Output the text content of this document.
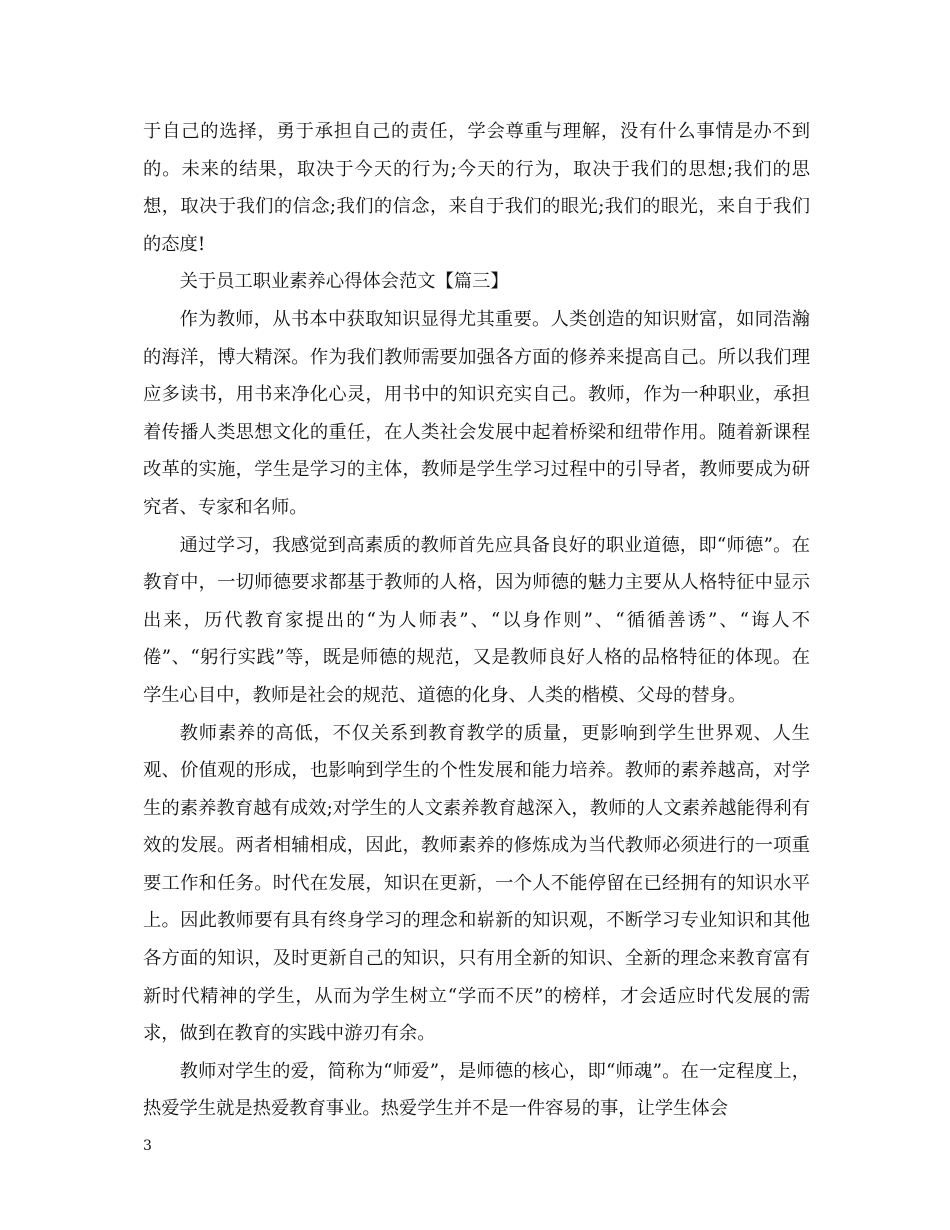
于自己的选择，勇于承担自己的责任，学会尊重与理解，没有什么事情是办不到的。未来的结果，取决于今天的行为;今天的行为，取决于我们的思想;我们的思想，取决于我们的信念;我们的信念，来自于我们的眼光;我们的眼光，来自于我们的态度!

关于员工职业素养心得体会范文【篇三】

作为教师，从书本中获取知识显得尤其重要。人类创造的知识财富，如同浩瀚的海洋，博大精深。作为我们教师需要加强各方面的修养来提高自己。所以我们理应多读书，用书来净化心灵，用书中的知识充实自己。教师，作为一种职业，承担着传播人类思想文化的重任，在人类社会发展中起着桥梁和纽带作用。随着新课程改革的实施，学生是学习的主体，教师是学生学习过程中的引导者，教师要成为研究者、专家和名师。

通过学习，我感觉到高素质的教师首先应具备良好的职业道德，即“师德”。在教育中，一切师德要求都基于教师的人格，因为师德的魅力主要从人格特征中显示出来，历代教育家提出的“为人师表”、“以身作则”、“循循善诱”、“诲人不倦”、“躬行实践”等，既是师德的规范，又是教师良好人格的品格特征的体现。在学生心目中，教师是社会的规范、道德的化身、人类的楷模、父母的替身。

教师素养的高低，不仅关系到教育教学的质量，更影响到学生世界观、人生观、价值观的形成，也影响到学生的个性发展和能力培养。教师的素养越高，对学生的素养教育越有成效;对学生的人文素养教育越深入，教师的人文素养越能得利有效的发展。两者相辅相成，因此，教师素养的修炼成为当代教师必须进行的一项重要工作和任务。时代在发展，知识在更新，一个人不能停留在已经拥有的知识水平上。因此教师要有具有终身学习的理念和崭新的知识观，不断学习专业知识和其他各方面的知识，及时更新自己的知识，只有用全新的知识、全新的理念来教育富有新时代精神的学生，从而为学生树立“学而不厌”的榜样，才会适应时代发展的需求，做到在教育的实践中游刃有余。

教师对学生的爱，简称为“师爱”，是师德的核心，即“师魂”。在一定程度上，热爱学生就是热爱教育事业。热爱学生并不是一件容易的事，让学生体会

3
